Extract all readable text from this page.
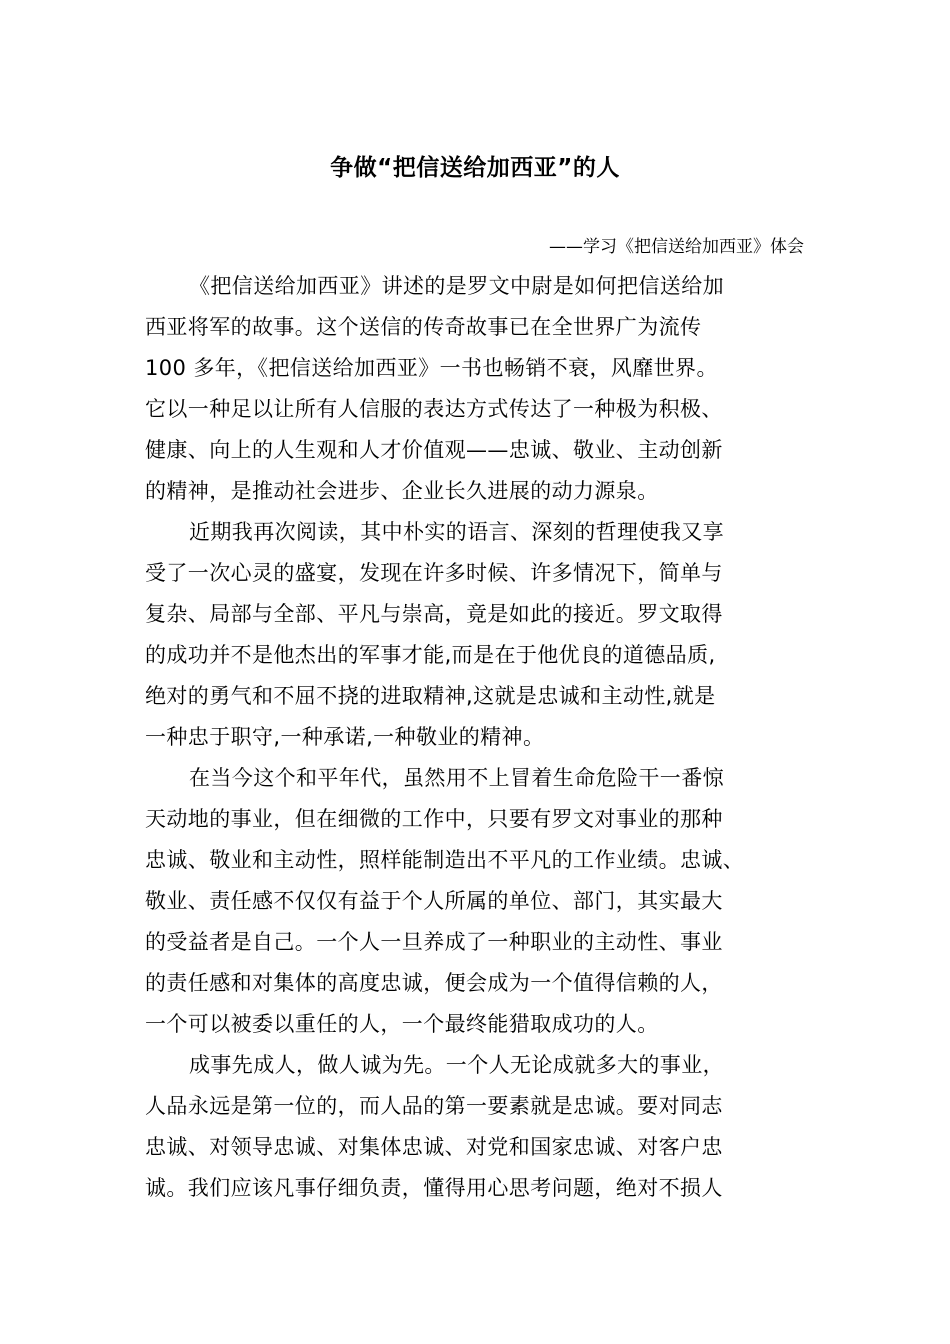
争做“把信送给加西亚”的人
——学习《把信送给加西亚》体会
《把信送给加西亚》讲述的是罗文中尉是如何把信送给加
西亚将军的故事。这个送信的传奇故事已在全世界广为流传
100 多年，《把信送给加西亚》一书也畅销不衰，风靡世界。
它以一种足以让所有人信服的表达方式传达了一种极为积极、
健康、向上的人生观和人才价值观——忠诚、敬业、主动创新
的精神，是推动社会进步、企业长久进展的动力源泉。
近期我再次阅读，其中朴实的语言、深刻的哲理使我又享
受了一次心灵的盛宴，发现在许多时候、许多情况下，简单与
复杂、局部与全部、平凡与崇高，竟是如此的接近。罗文取得
的成功并不是他杰出的军事才能,而是在于他优良的道德品质,
绝对的勇气和不屈不挠的进取精神,这就是忠诚和主动性,就是
一种忠于职守,一种承诺,一种敬业的精神。
在当今这个和平年代，虽然用不上冒着生命危险干一番惊
天动地的事业，但在细微的工作中，只要有罗文对事业的那种
忠诚、敬业和主动性，照样能制造出不平凡的工作业绩。忠诚、
敬业、责任感不仅仅有益于个人所属的单位、部门，其实最大
的受益者是自己。一个人一旦养成了一种职业的主动性、事业
的责任感和对集体的高度忠诚，便会成为一个值得信赖的人，
一个可以被委以重任的人，一个最终能猎取成功的人。
成事先成人，做人诚为先。一个人无论成就多大的事业，
人品永远是第一位的，而人品的第一要素就是忠诚。要对同志
忠诚、对领导忠诚、对集体忠诚、对党和国家忠诚、对客户忠
诚。我们应该凡事仔细负责，懂得用心思考问题，绝对不损人
